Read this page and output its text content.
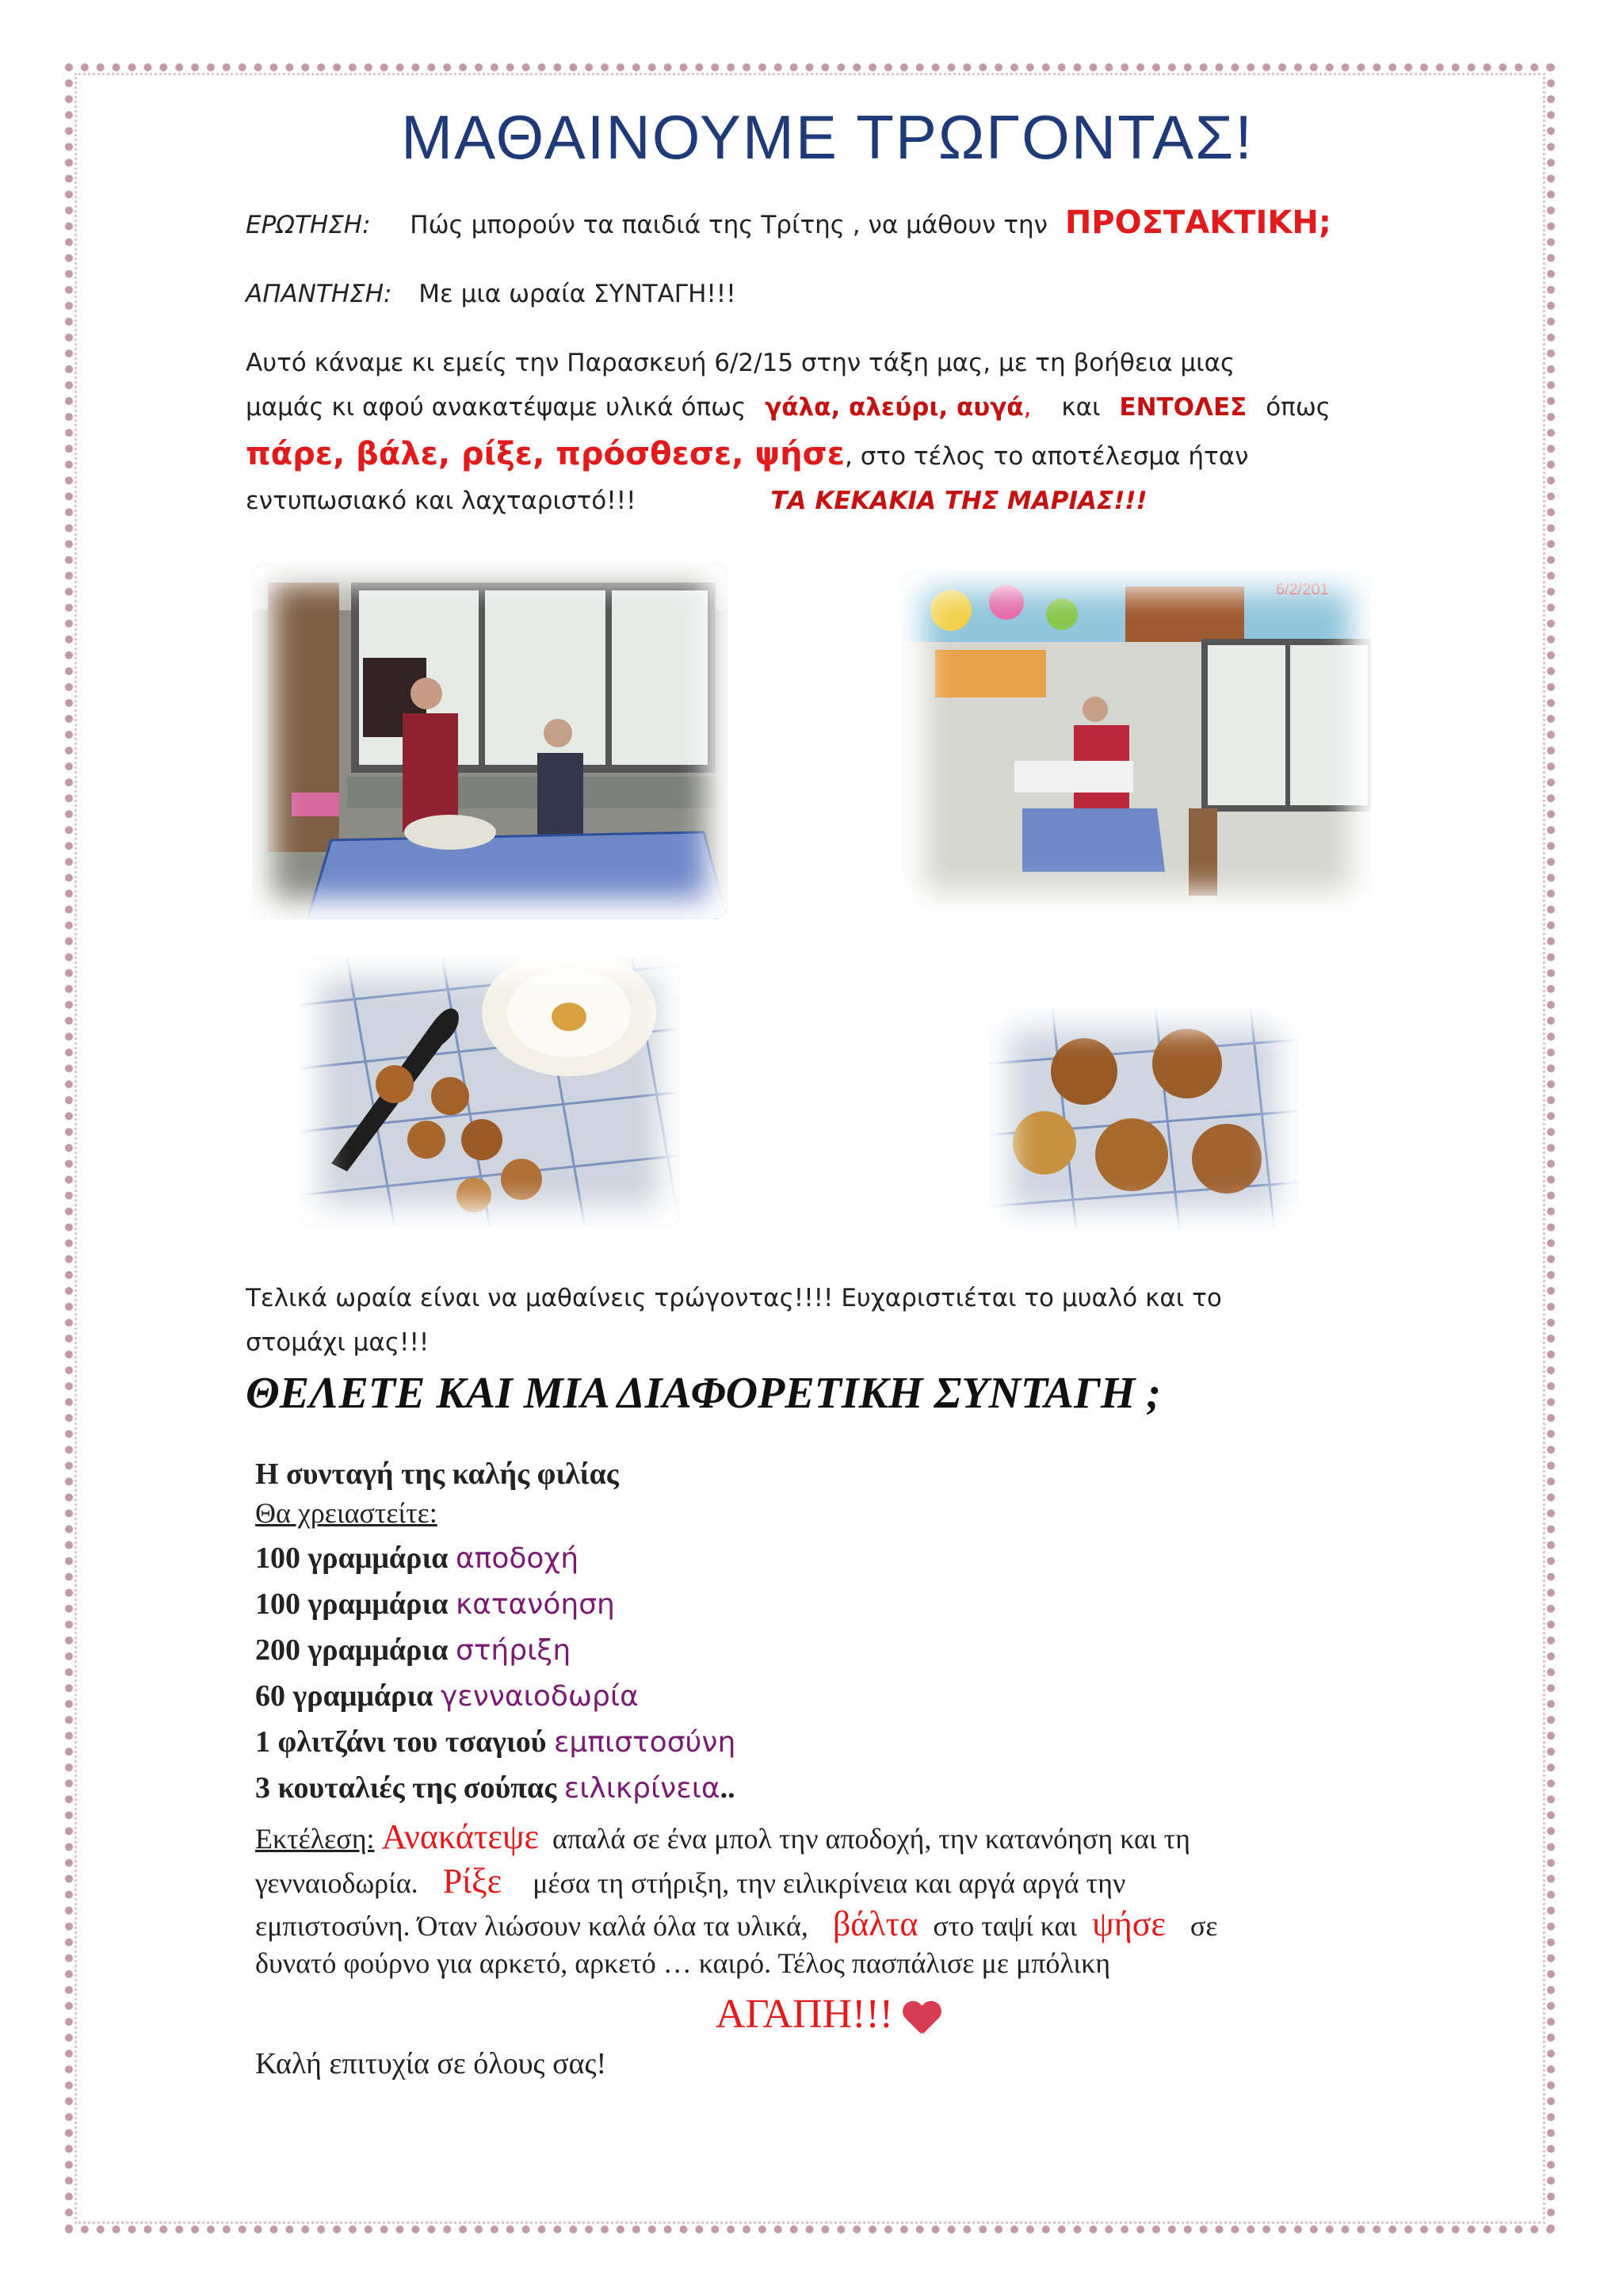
ΜΑΘΑΙΝΟΥΜΕ ΤΡΩΓΟΝΤΑΣ!
ΕΡΩΤΗΣΗ: Πώς μπορούν τα παιδιά της Τρίτης , να μάθουν την ΠΡΟΣΤΑΚΤΙΚΗ;
ΑΠΑΝΤΗΣΗ: Με μια ωραία ΣΥΝΤΑΓΗ!!!
Αυτό κάναμε κι εμείς την Παρασκευή 6/2/15 στην τάξη μας, με τη βοήθεια μιας
μαμάς κι αφού ανακατέψαμε υλικά όπως γάλα, αλεύρι, αυγά, και ΕΝΤΟΛΕΣ όπως
πάρε, βάλε, ρίξε, πρόσθεσε, ψήσε, στο τέλος το αποτέλεσμα ήταν
εντυπωσιακό και λαχταριστό!!!	ΤΑ ΚΕΚΑΚΙΑ ΤΗΣ ΜΑΡΙΑΣ!!!
6/2/201
Τελικά ωραία είναι να μαθαίνεις τρώγοντας!!!! Ευχαριστιέται το μυαλό και το
στομάχι μας!!!
ΘΕΛΕΤΕ ΚΑΙ ΜΙΑ ΔΙΑΦΟΡΕΤΙΚΗ ΣΥΝΤΑΓΗ ;
Η συνταγή της καλής φιλίας
Θα χρειαστείτε:
100 γραμμάρια αποδοχή
100 γραμμάρια κατανόηση
200 γραμμάρια στήριξη
60 γραμμάρια γενναιοδωρία
1 φλιτζάνι του τσαγιού εμπιστοσύνη
3 κουταλιές της σούπας ειλικρίνεια..
Εκτέλεση: Ανακάτεψε απαλά σε ένα μπολ την αποδοχή, την κατανόηση και τη
γενναιοδωρία. Ρίξε μέσα τη στήριξη, την ειλικρίνεια και αργά αργά την
εμπιστοσύνη. Όταν λιώσουν καλά όλα τα υλικά, βάλτα στο ταψί και ψήσε σε
δυνατό φούρνο για αρκετό, αρκετό … καιρό. Τέλος πασπάλισε με μπόλικη
ΑΓΑΠΗ!!!
Καλή επιτυχία σε όλους σας!
